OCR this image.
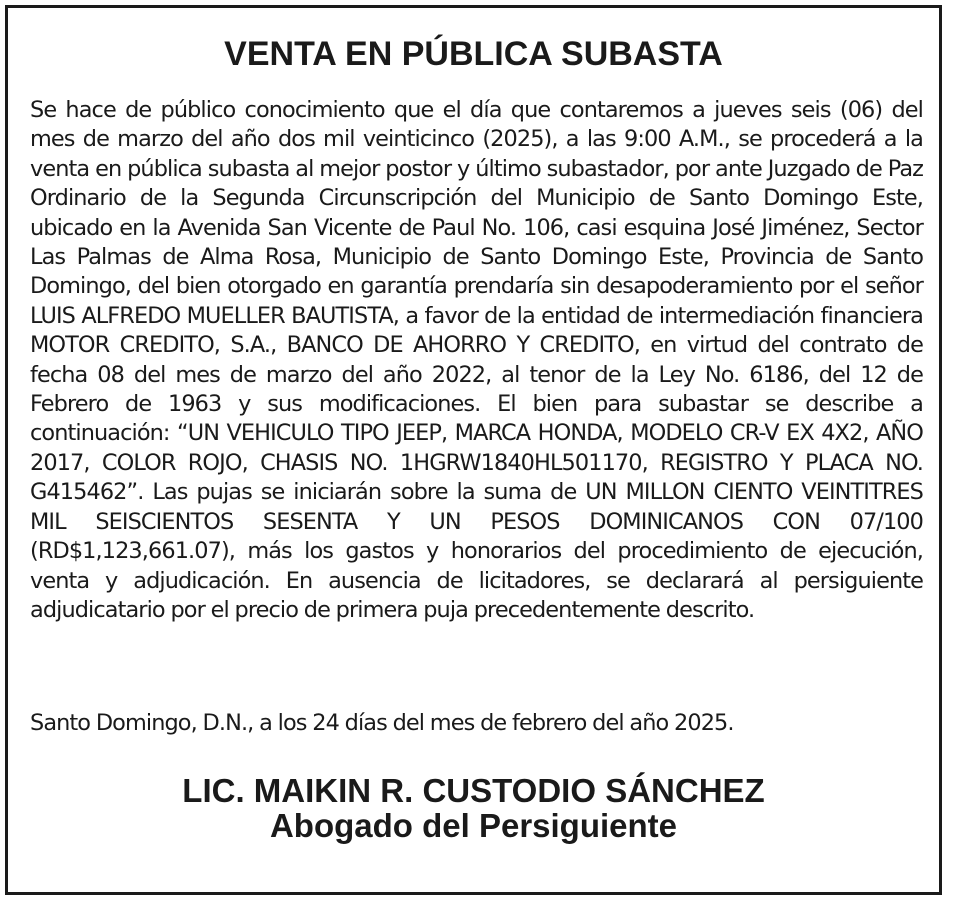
VENTA EN PÚBLICA SUBASTA

Se hace de público conocimiento que el día que contaremos a jueves seis (06) del mes de marzo del año dos mil veinticinco (2025), a las 9:00 A.M., se procederá a la venta en pública subasta al mejor postor y último subastador, por ante Juzgado de Paz Ordinario de la Segunda Circunscripción del Municipio de Santo Domingo Este, ubicado en la Avenida San Vicente de Paul No. 106, casi esquina José Jiménez, Sector Las Palmas de Alma Rosa, Municipio de Santo Domingo Este, Provincia de Santo Domingo, del bien otorgado en garantía prendaría sin desapoderamiento por el señor LUIS ALFREDO MUELLER BAUTISTA, a favor de la entidad de intermediación financiera MOTOR CREDITO, S.A., BANCO DE AHORRO Y CREDITO, en virtud del contrato de fecha 08 del mes de marzo del año 2022, al tenor de la Ley No. 6186, del 12 de Febrero de 1963 y sus modificaciones. El bien para subastar se describe a continuación: “UN VEHICULO TIPO JEEP, MARCA HONDA, MODELO CR-V EX 4X2, AÑO 2017, COLOR ROJO, CHASIS NO. 1HGRW1840HL501170, REGISTRO Y PLACA NO. G415462”. Las pujas se iniciarán sobre la suma de UN MILLON CIENTO VEINTITRES MIL SEISCIENTOS SESENTA Y UN PESOS DOMINICANOS CON 07/100 (RD$1,123,661.07), más los gastos y honorarios del procedimiento de ejecución, venta y adjudicación. En ausencia de licitadores, se declarará al persiguiente adjudicatario por el precio de primera puja precedentemente descrito.

Santo Domingo, D.N., a los 24 días del mes de febrero del año 2025.

LIC. MAIKIN R. CUSTODIO SÁNCHEZ

Abogado del Persiguiente
